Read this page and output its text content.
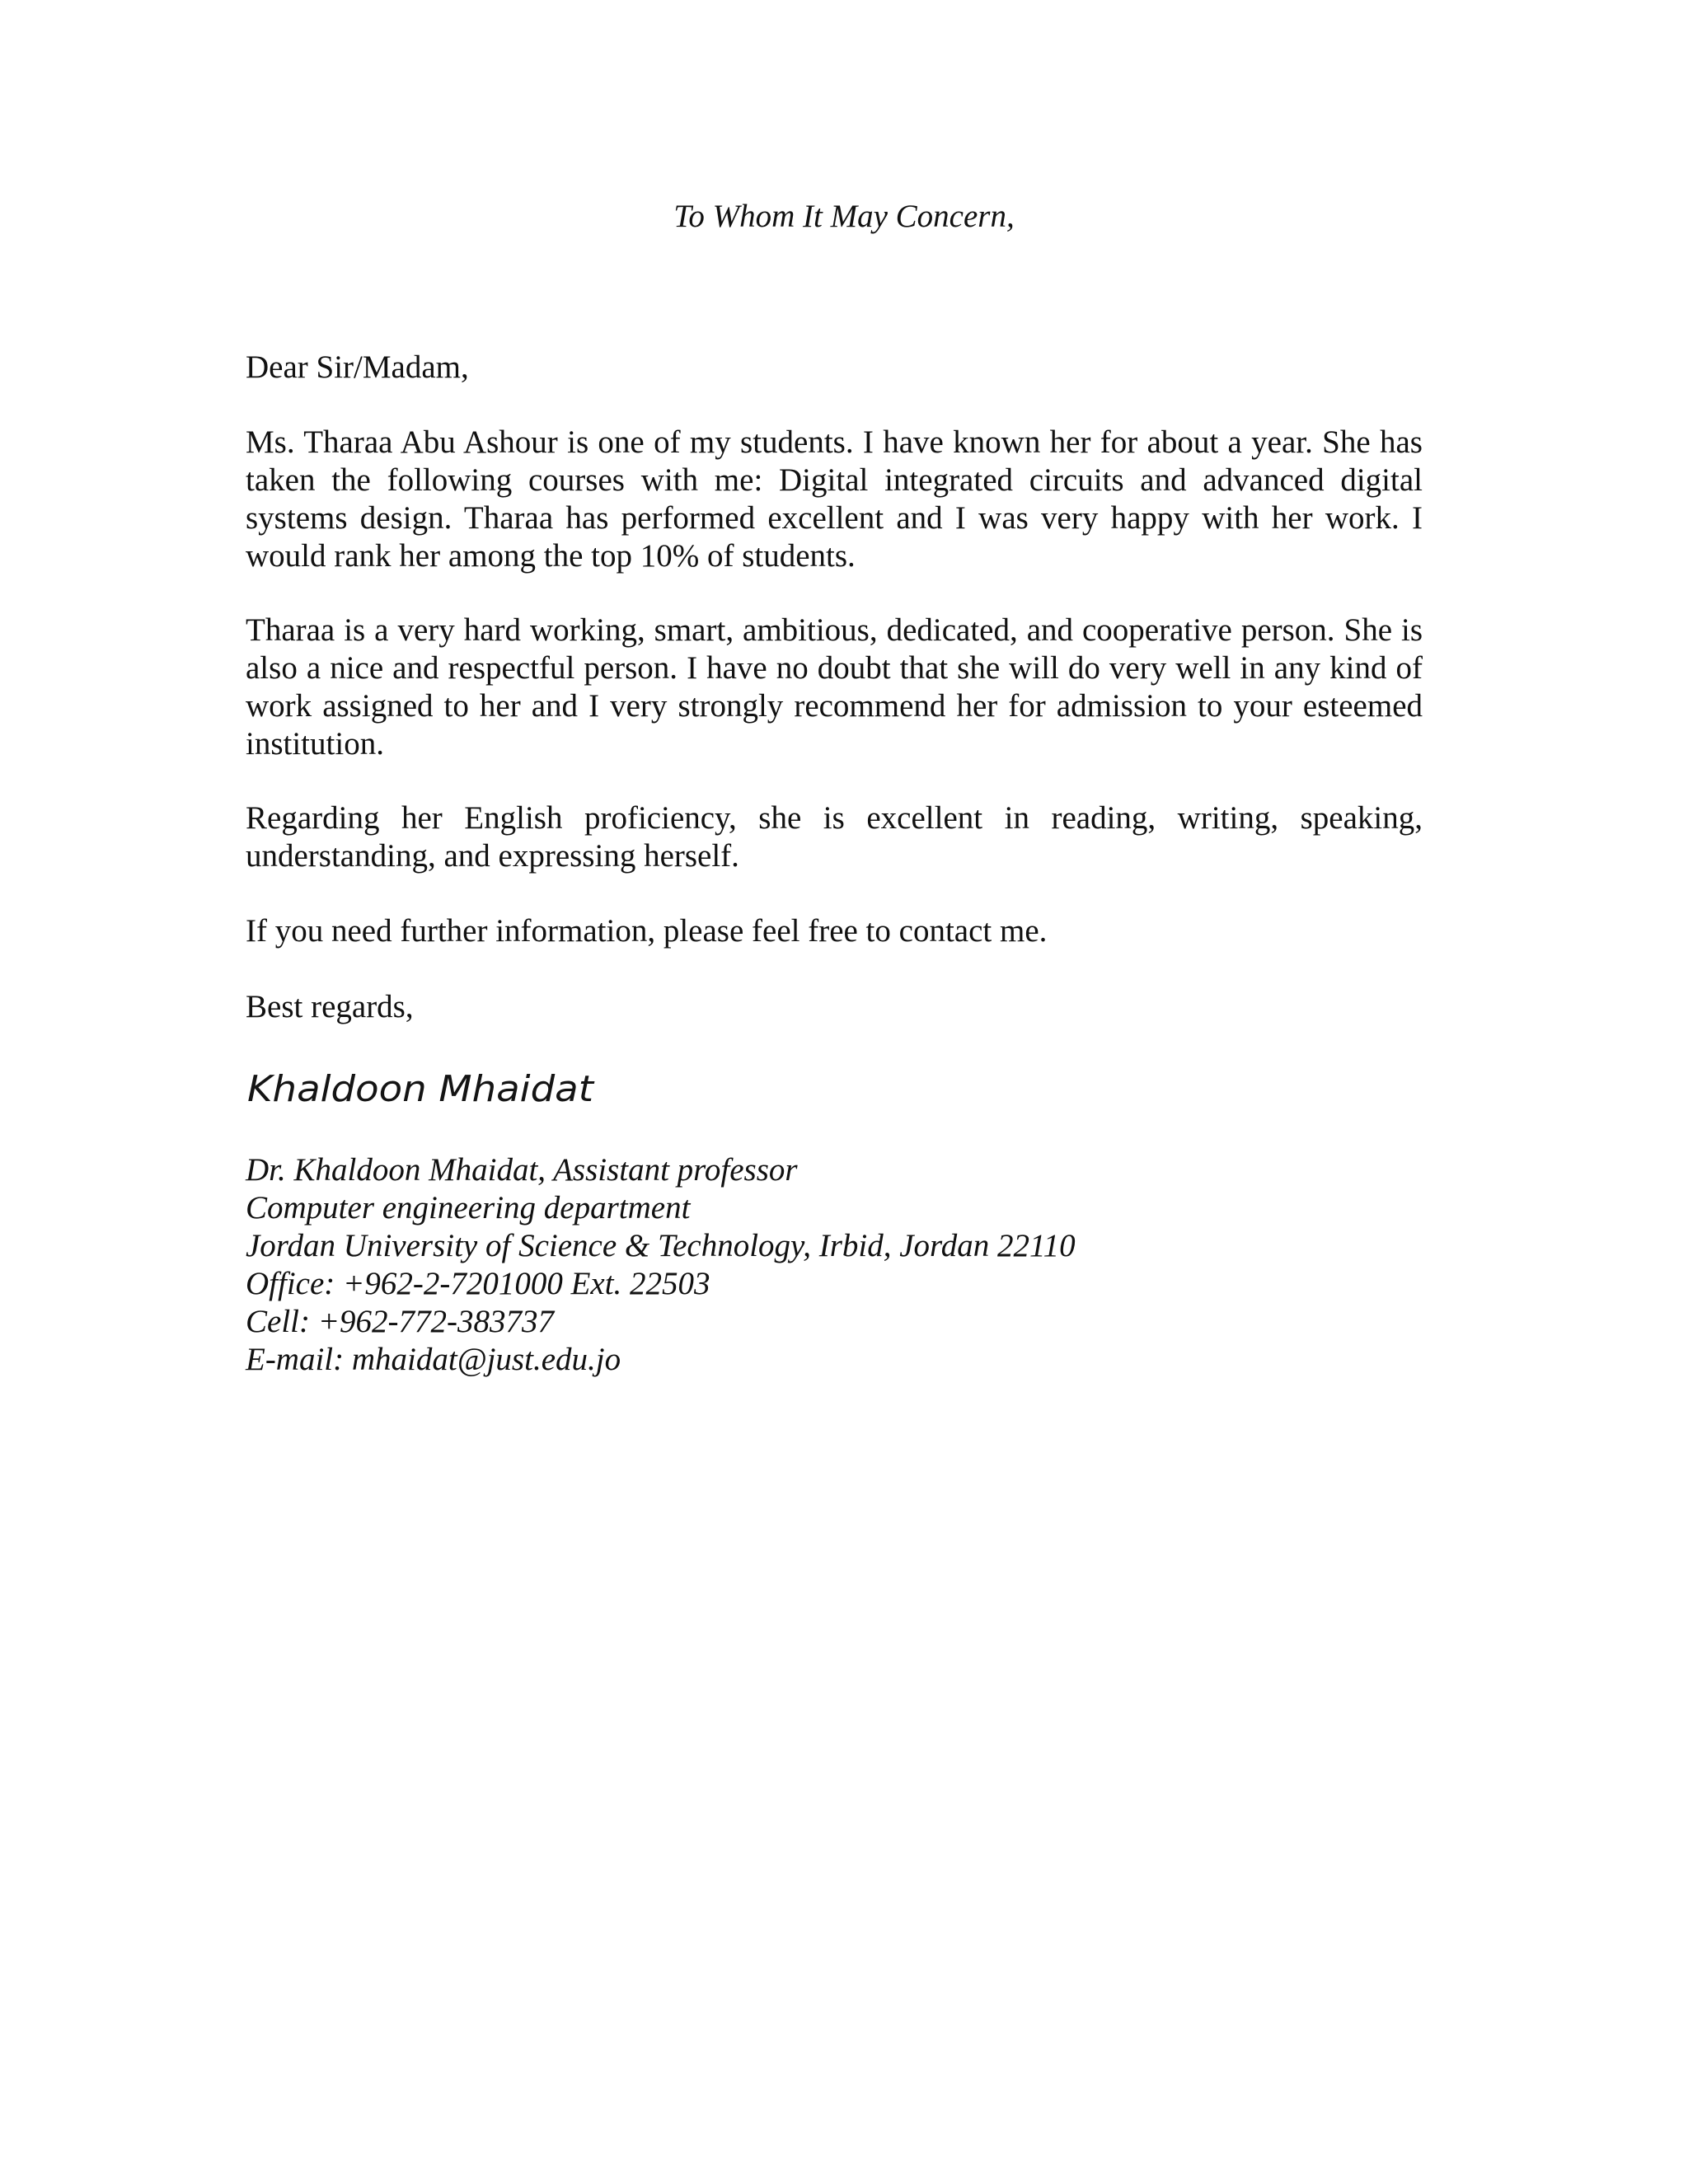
To Whom It May Concern,

Dear Sir/Madam,

Ms. Tharaa Abu Ashour is one of my students. I have known her for about a year. She has taken the following courses with me: Digital integrated circuits and advanced digital systems design. Tharaa has performed excellent and I was very happy with her work. I would rank her among the top 10% of students.

Tharaa is a very hard working, smart, ambitious, dedicated, and cooperative person. She is also a nice and respectful person. I have no doubt that she will do very well in any kind of work assigned to her and I very strongly recommend her for admission to your esteemed institution.

Regarding her English proficiency, she is excellent in reading, writing, speaking, understanding, and expressing herself.

If you need further information, please feel free to contact me.

Best regards,

Khaldoon Mhaidat
Dr. Khaldoon Mhaidat, Assistant professor
Computer engineering department
Jordan University of Science & Technology, Irbid, Jordan 22110
Office: +962-2-7201000 Ext. 22503
Cell: +962-772-383737
E-mail: mhaidat@just.edu.jo
